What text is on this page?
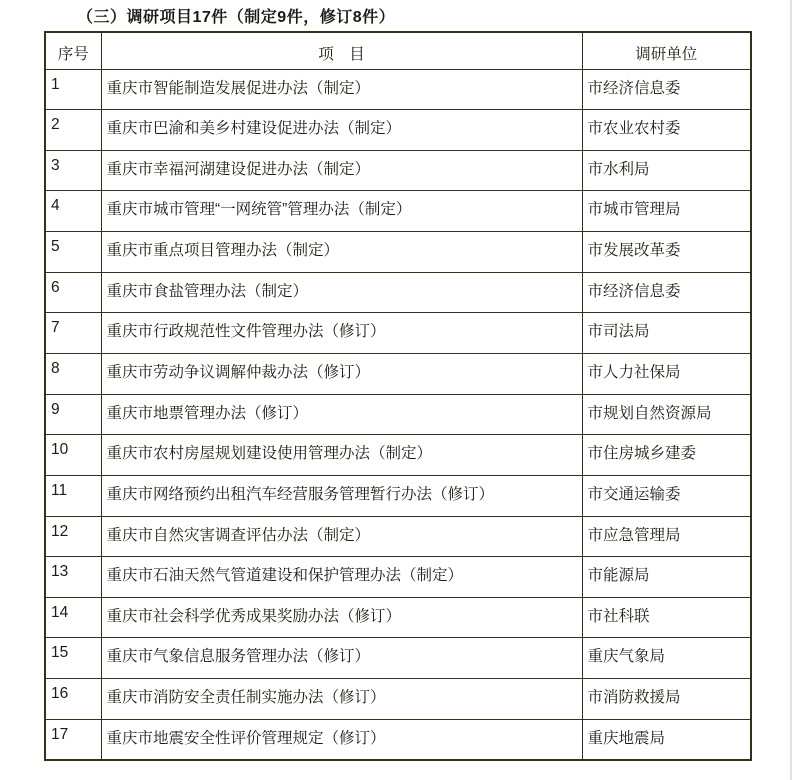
（三）调研项目17件（制定9件，修订8件）
序号	项　目	调研单位
1	重庆市智能制造发展促进办法（制定）	市经济信息委
2	重庆市巴渝和美乡村建设促进办法（制定）	市农业农村委
3	重庆市幸福河湖建设促进办法（制定）	市水利局
4	重庆市城市管理“一网统管”管理办法（制定）	市城市管理局
5	重庆市重点项目管理办法（制定）	市发展改革委
6	重庆市食盐管理办法（制定）	市经济信息委
7	重庆市行政规范性文件管理办法（修订）	市司法局
8	重庆市劳动争议调解仲裁办法（修订）	市人力社保局
9	重庆市地票管理办法（修订）	市规划自然资源局
10	重庆市农村房屋规划建设使用管理办法（制定）	市住房城乡建委
11	重庆市网络预约出租汽车经营服务管理暂行办法（修订）	市交通运输委
12	重庆市自然灾害调查评估办法（制定）	市应急管理局
13	重庆市石油天然气管道建设和保护管理办法（制定）	市能源局
14	重庆市社会科学优秀成果奖励办法（修订）	市社科联
15	重庆市气象信息服务管理办法（修订）	重庆气象局
16	重庆市消防安全责任制实施办法（修订）	市消防救援局
17	重庆市地震安全性评价管理规定（修订）	重庆地震局
